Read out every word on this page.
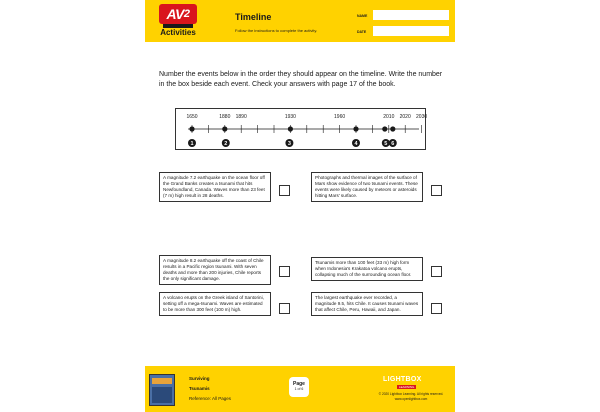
$AV^2$
Activities
Timeline
Follow the instructions to complete the activity.
NAME
DATE
Number the events below in the order they should appear on the timeline. Write the number in the box beside each event. Check your answers with page 17 of the book.
1650	1880 1890	1930	1960	2010 2020 2030
1	2	3	4	5 6
A magnitude 7.2 earthquake on the ocean floor off the Grand Banks creates a tsunami that hits Newfoundland, Canada. Waves more than 23 feet (7 m) high result in 28 deaths.
Photographs and thermal images of the surface of Mars show evidence of two tsunami events. These events were likely caused by meteors or asteroids hitting Mars' surface.
A magnitude 8.2 earthquake off the coast of Chile results in a Pacific region tsunami. With seven deaths and more than 200 injuries, Chile reports the only significant damage.
Tsunamis more than 100 feet (33 m) high form when Indonesia's Krakatoa volcano erupts, collapsing much of the surrounding ocean floor.
A volcano erupts on the Greek island of Santorini, setting off a mega-tsunami. Waves are estimated to be more than 300 feet (100 m) high.
The largest earthquake ever recorded, a magnitude 9.5, hits Chile. It causes tsunami waves that affect Chile, Peru, Hawaii, and Japan.
Surviving
Tsunamis
Reference: All Pages
Page
1 of 6
LIGHTBOX
LEARNING
© 2020 Lightbox Learning. All rights reserved.
www.openlightbox.com
